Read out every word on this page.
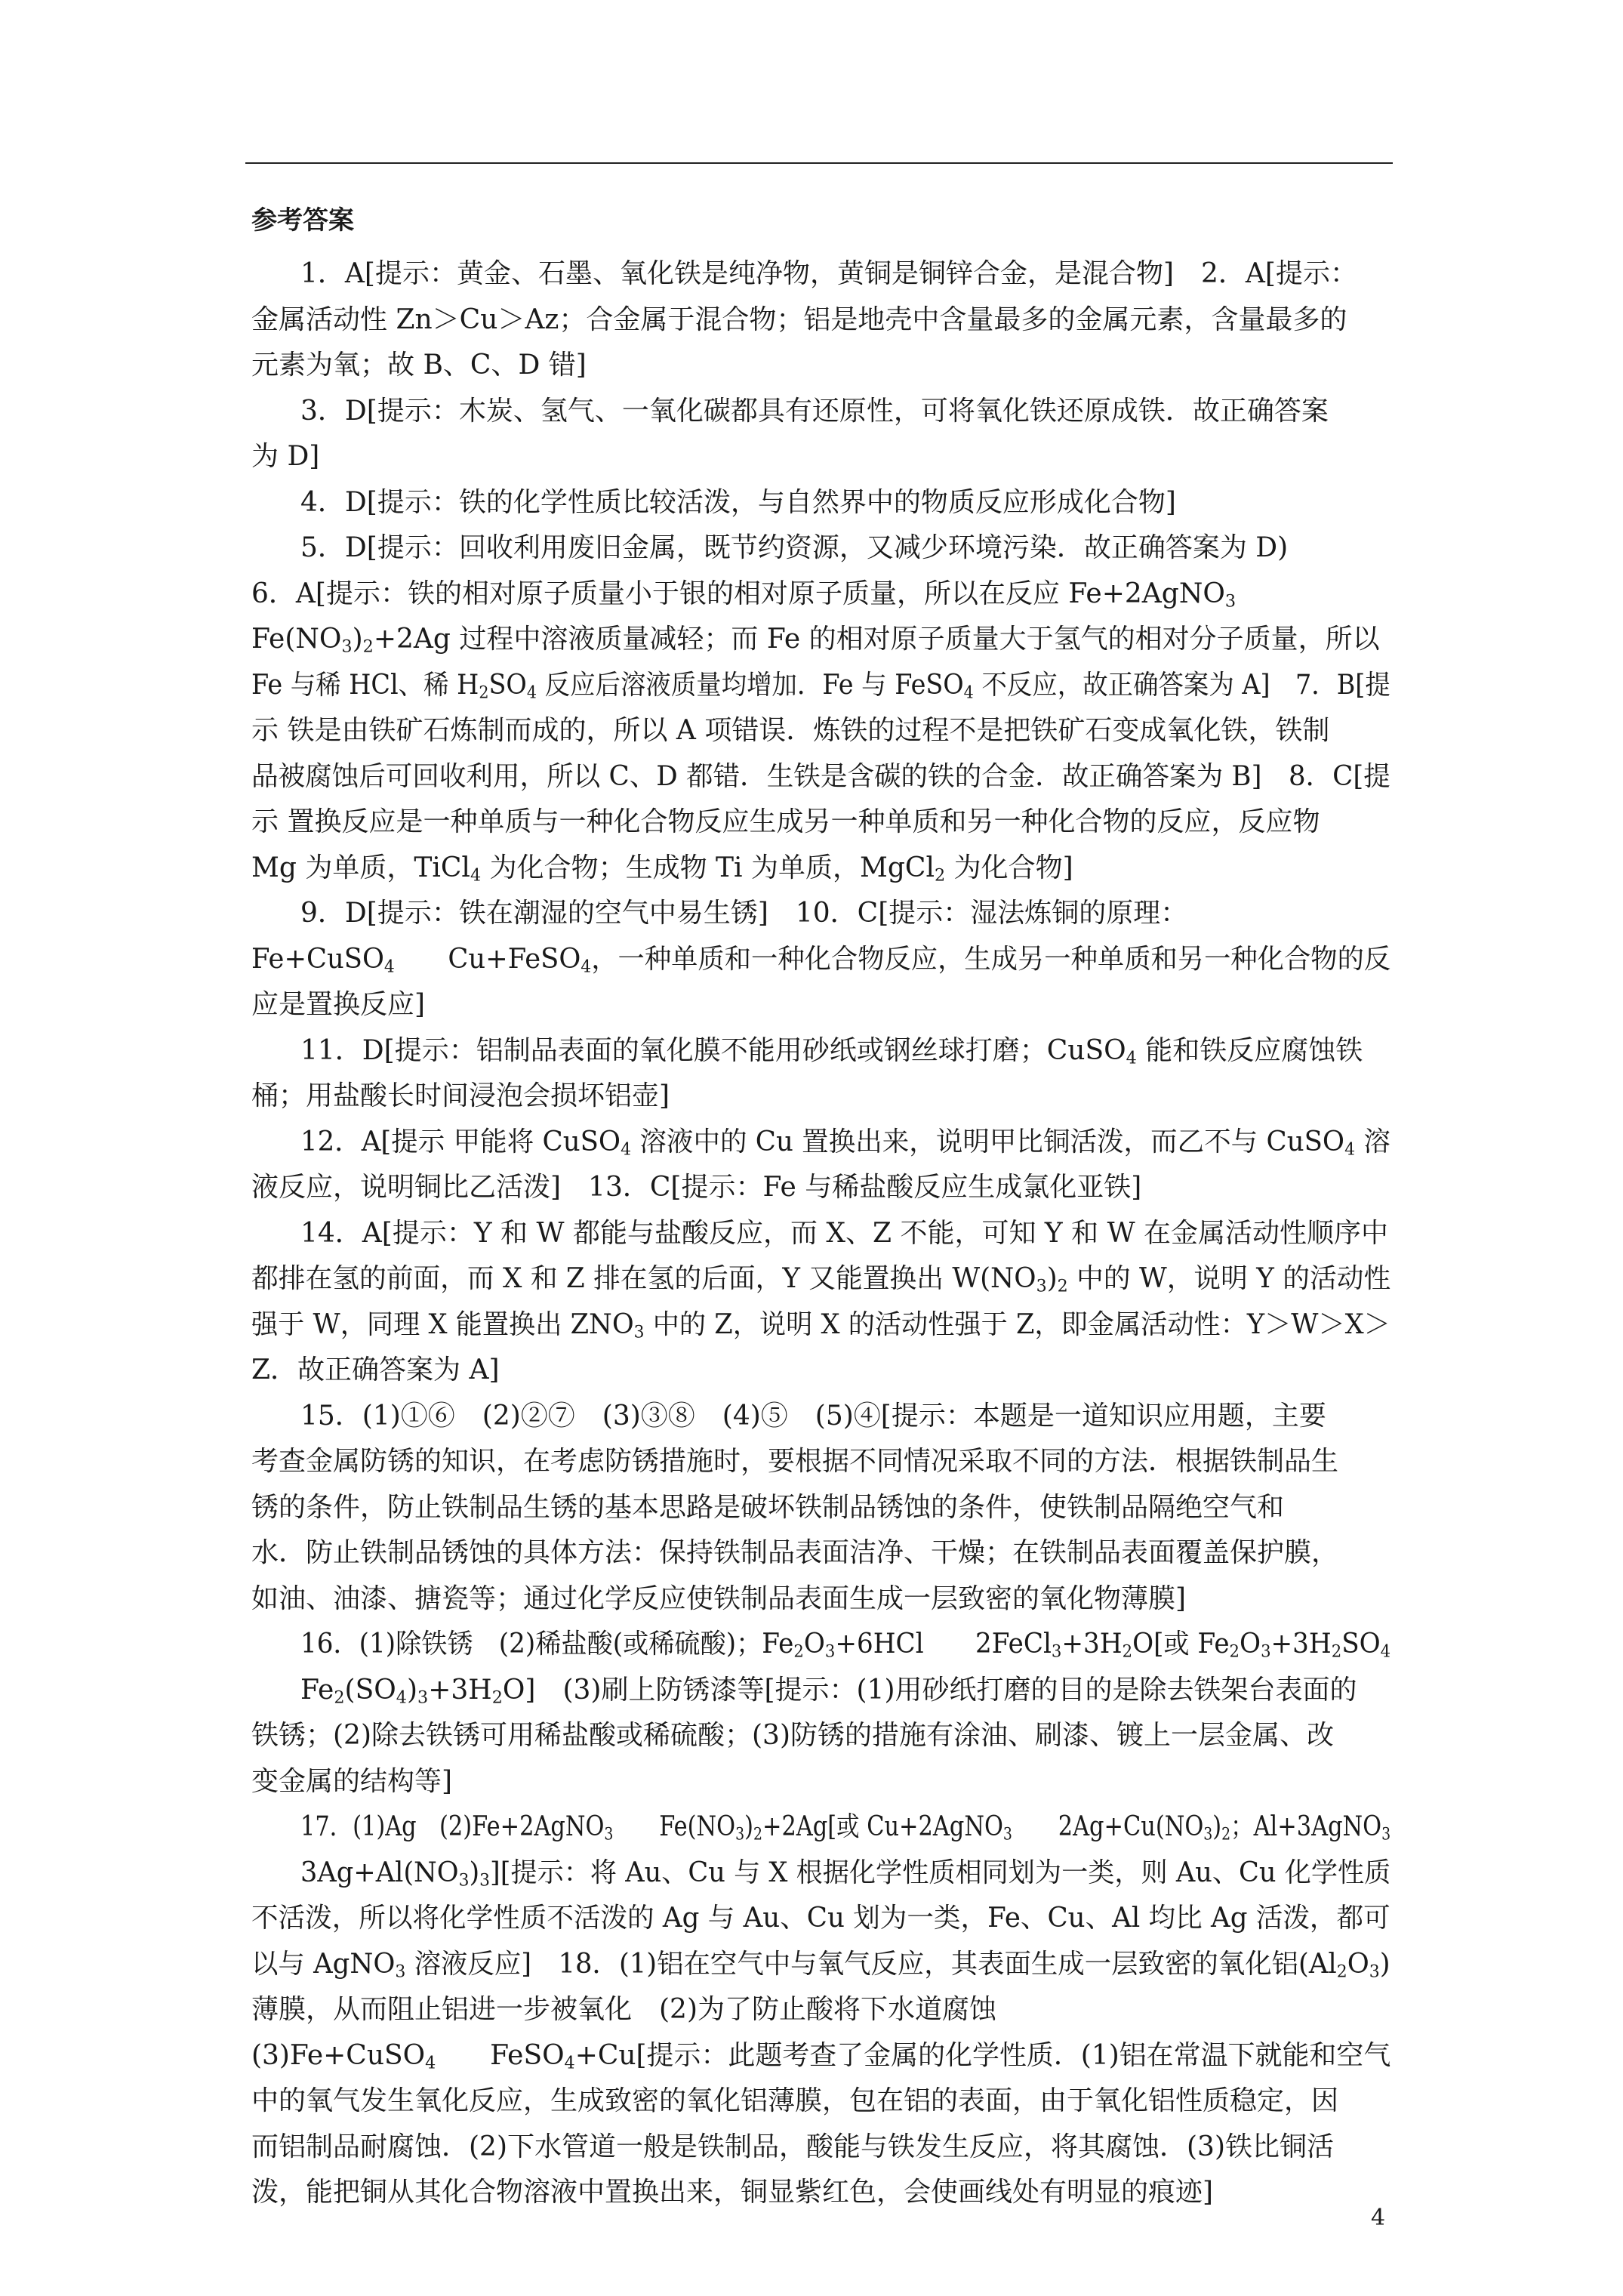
参考答案
1．A[提示：黄金、石墨、氧化铁是纯净物，黄铜是铜锌合金，是混合物]　2．A[提示：
金属活动性 Zn＞Cu＞Az；合金属于混合物；铝是地壳中含量最多的金属元素，含量最多的
元素为氧；故 B、C、D 错]
3．D[提示：木炭、氢气、一氧化碳都具有还原性，可将氧化铁还原成铁．故正确答案
为 D]
4．D[提示：铁的化学性质比较活泼，与自然界中的物质反应形成化合物]
5．D[提示：回收利用废旧金属，既节约资源，又减少环境污染．故正确答案为 D)
6．A[提示：铁的相对原子质量小于银的相对原子质量，所以在反应 Fe+2AgNO$_3$
$Fe(NO_3)_2+2Ag$ 过程中溶液质量减轻；而 Fe 的相对原子质量大于氢气的相对分子质量，所以
Fe 与稀 HCl、稀 $H_2SO_4$ 反应后溶液质量均增加．Fe 与 FeSO$_4$ 不反应，故正确答案为 A]　7．B[提
示 铁是由铁矿石炼制而成的，所以 A 项错误．炼铁的过程不是把铁矿石变成氧化铁，铁制
品被腐蚀后可回收利用，所以 C、D 都错．生铁是含碳的铁的合金．故正确答案为 B]　8．C[提
示 置换反应是一种单质与一种化合物反应生成另一种单质和另一种化合物的反应，反应物
Mg 为单质，TiCl$_4$ 为化合物；生成物 Ti 为单质，MgCl$_2$ 为化合物]
9．D[提示：铁在潮湿的空气中易生锈]　10．C[提示：湿法炼铜的原理：
Fe+CuSO$_4$　　Cu+FeSO$_4$，一种单质和一种化合物反应，生成另一种单质和另一种化合物的反
应是置换反应]
11．D[提示：铝制品表面的氧化膜不能用砂纸或钢丝球打磨；CuSO$_4$ 能和铁反应腐蚀铁
桶；用盐酸长时间浸泡会损坏铝壶]
12．A[提示 甲能将 CuSO$_4$ 溶液中的 Cu 置换出来，说明甲比铜活泼，而乙不与 CuSO$_4$ 溶
液反应，说明铜比乙活泼]　13．C[提示：Fe 与稀盐酸反应生成氯化亚铁]
14．A[提示：Y 和 W 都能与盐酸反应，而 X、Z 不能，可知 Y 和 W 在金属活动性顺序中
都排在氢的前面，而 X 和 Z 排在氢的后面，Y 又能置换出 $W(NO_3)_2$ 中的 W，说明 Y 的活动性
强于 W，同理 X 能置换出 $ZNO_3$ 中的 Z，说明 X 的活动性强于 Z，即金属活动性：Y＞W＞X＞
Z．故正确答案为 A]
15．(1)①⑥　(2)②⑦　(3)③⑧　(4)⑤　(5)④[提示：本题是一道知识应用题，主要
考查金属防锈的知识，在考虑防锈措施时，要根据不同情况采取不同的方法．根据铁制品生
锈的条件，防止铁制品生锈的基本思路是破坏铁制品锈蚀的条件，使铁制品隔绝空气和
水．防止铁制品锈蚀的具体方法：保持铁制品表面洁净、干燥；在铁制品表面覆盖保护膜，
如油、油漆、搪瓷等；通过化学反应使铁制品表面生成一层致密的氧化物薄膜]
16．(1)除铁锈　(2)稀盐酸(或稀硫酸)；$Fe_2O_3+6HCl$　　$2FeCl_3+3H_2O$[或 $Fe_2O_3+3H_2SO_4$
$Fe_2(SO_4)_3+3H_2O$]　(3)刷上防锈漆等[提示：(1)用砂纸打磨的目的是除去铁架台表面的
铁锈；(2)除去铁锈可用稀盐酸或稀硫酸；(3)防锈的措施有涂油、刷漆、镀上一层金属、改
变金属的结构等]
17．(1)Ag　(2)Fe+2AgNO$_3$　　$Fe(NO_3)_2+2Ag$[或 Cu+2AgNO$_3$　　$2Ag+Cu(NO_3)_2$；Al+3AgNO$_3$
$3Ag+Al(NO_3)_3$][提示：将 Au、Cu 与 X 根据化学性质相同划为一类，则 Au、Cu 化学性质
不活泼，所以将化学性质不活泼的 Ag 与 Au、Cu 划为一类，Fe、Cu、Al 均比 Ag 活泼，都可
以与 AgNO$_3$ 溶液反应]　18．(1)铝在空气中与氧气反应，其表面生成一层致密的氧化铝$(Al_2O_3)$
薄膜，从而阻止铝进一步被氧化　(2)为了防止酸将下水道腐蚀
(3)Fe+CuSO$_4$　　FeSO$_4$+Cu[提示：此题考查了金属的化学性质．(1)铝在常温下就能和空气
中的氧气发生氧化反应，生成致密的氧化铝薄膜，包在铝的表面，由于氧化铝性质稳定，因
而铝制品耐腐蚀．(2)下水管道一般是铁制品，酸能与铁发生反应，将其腐蚀．(3)铁比铜活
泼，能把铜从其化合物溶液中置换出来，铜显紫红色，会使画线处有明显的痕迹]
4
